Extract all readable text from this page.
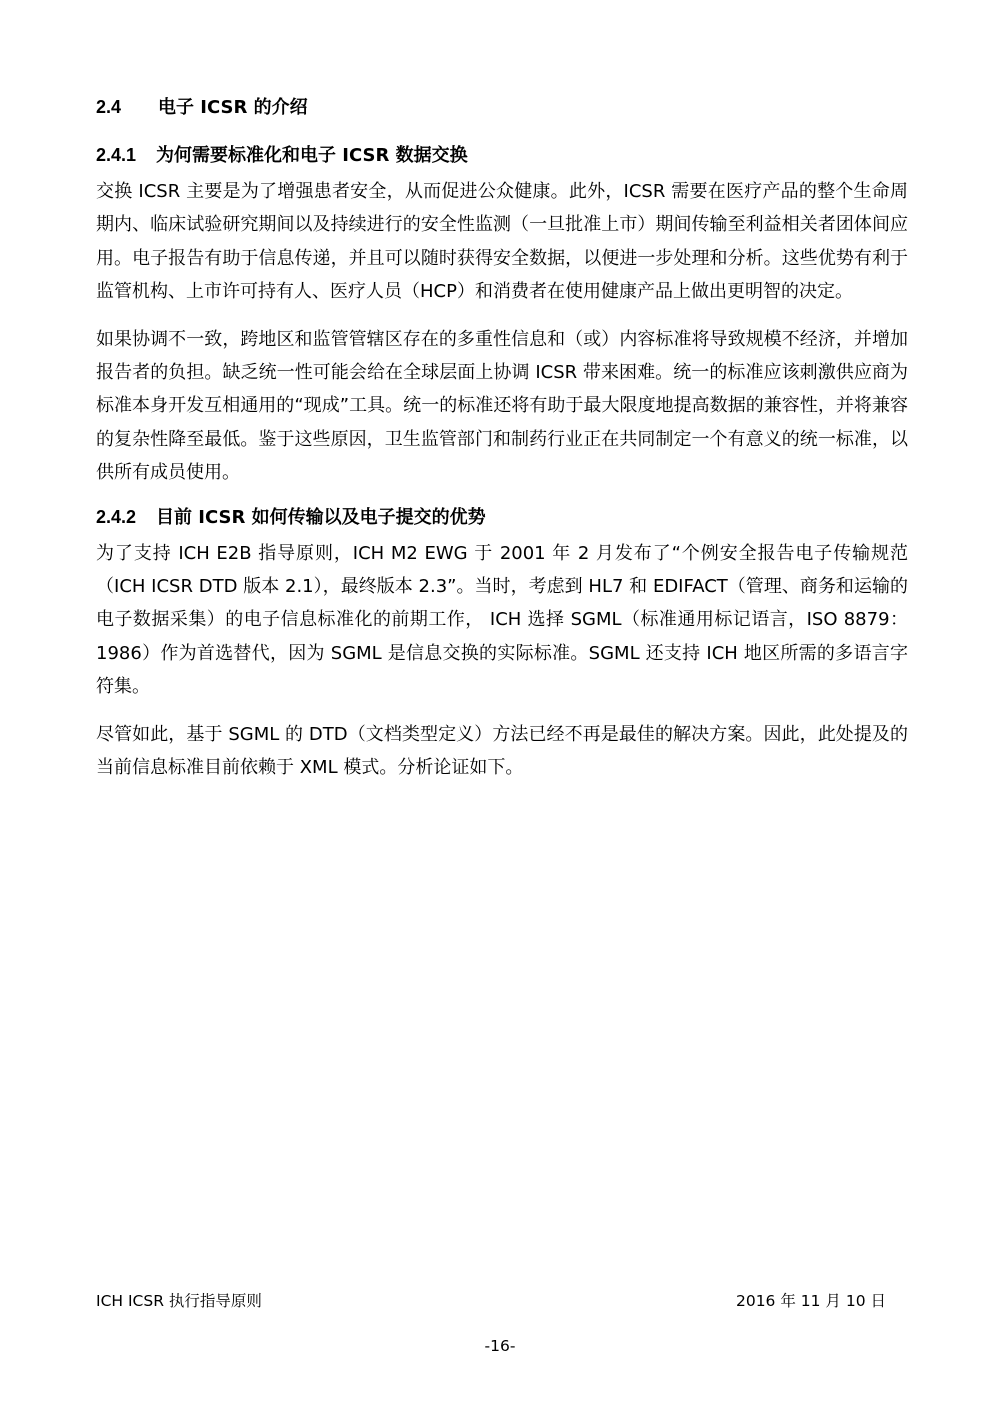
2.4 电子 ICSR 的介绍
2.4.1 为何需要标准化和电子 ICSR 数据交换

交换 ICSR 主要是为了增强患者安全，从而促进公众健康。此外，ICSR 需要在医疗产品的整个生命周期内、临床试验研究期间以及持续进行的安全性监测（一旦批准上市）期间传输至利益相关者团体间应用。电子报告有助于信息传递，并且可以随时获得安全数据，以便进一步处理和分析。这些优势有利于监管机构、上市许可持有人、医疗人员（HCP）和消费者在使用健康产品上做出更明智的决定。

如果协调不一致，跨地区和监管管辖区存在的多重性信息和（或）内容标准将导致规模不经济，并增加报告者的负担。缺乏统一性可能会给在全球层面上协调 ICSR 带来困难。统一的标准应该刺激供应商为标准本身开发互相通用的“现成”工具。统一的标准还将有助于最大限度地提高数据的兼容性，并将兼容的复杂性降至最低。鉴于这些原因，卫生监管部门和制药行业正在共同制定一个有意义的统一标准，以供所有成员使用。

2.4.2 目前 ICSR 如何传输以及电子提交的优势

为了支持 ICH E2B 指导原则，ICH M2 EWG 于 2001 年 2 月发布了“个例安全报告电子传输规范（ICH ICSR DTD 版本 2.1），最终版本 2.3”。当时，考虑到 HL7 和 EDIFACT（管理、商务和运输的电子数据采集）的电子信息标准化的前期工作， ICH 选择 SGML（标准通用标记语言，ISO 8879：1986）作为首选替代，因为 SGML 是信息交换的实际标准。SGML 还支持 ICH 地区所需的多语言字符集。

尽管如此，基于 SGML 的 DTD（文档类型定义）方法已经不再是最佳的解决方案。因此，此处提及的当前信息标准目前依赖于 XML 模式。分析论证如下。

ICH ICSR 执行指导原则	2016 年 11 月 10 日
-16-
